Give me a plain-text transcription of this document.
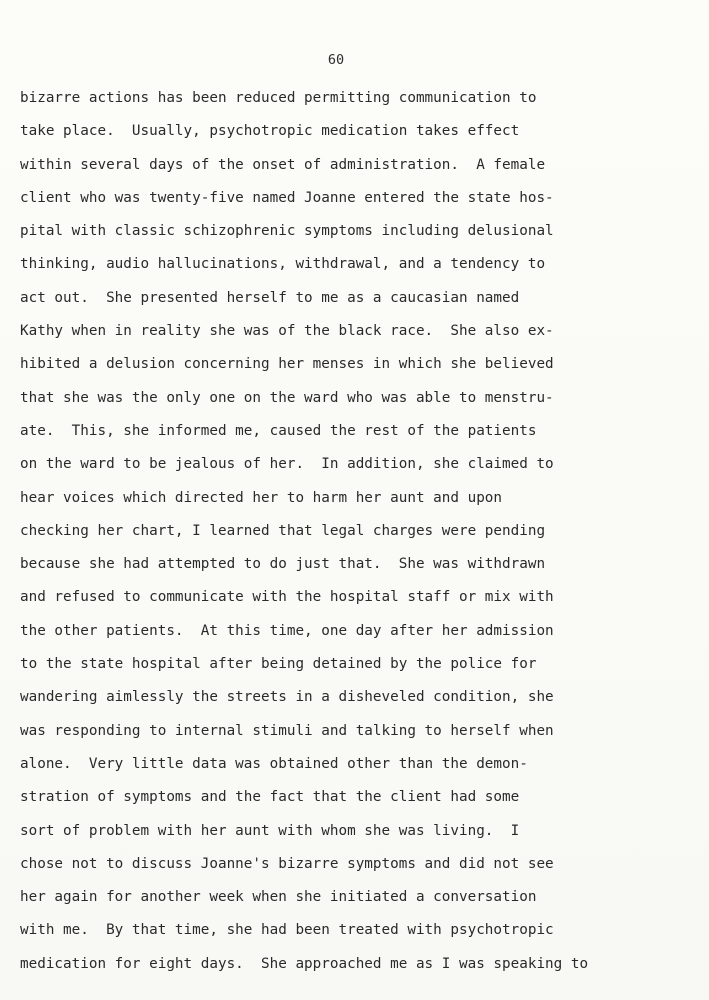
60
bizarre actions has been reduced permitting communication to
take place.  Usually, psychotropic medication takes effect
within several days of the onset of administration.  A female
client who was twenty-five named Joanne entered the state hos-
pital with classic schizophrenic symptoms including delusional
thinking, audio hallucinations, withdrawal, and a tendency to
act out.  She presented herself to me as a caucasian named
Kathy when in reality she was of the black race.  She also ex-
hibited a delusion concerning her menses in which she believed
that she was the only one on the ward who was able to menstru-
ate.  This, she informed me, caused the rest of the patients
on the ward to be jealous of her.  In addition, she claimed to
hear voices which directed her to harm her aunt and upon
checking her chart, I learned that legal charges were pending
because she had attempted to do just that.  She was withdrawn
and refused to communicate with the hospital staff or mix with
the other patients.  At this time, one day after her admission
to the state hospital after being detained by the police for
wandering aimlessly the streets in a disheveled condition, she
was responding to internal stimuli and talking to herself when
alone.  Very little data was obtained other than the demon-
stration of symptoms and the fact that the client had some
sort of problem with her aunt with whom she was living.  I
chose not to discuss Joanne's bizarre symptoms and did not see
her again for another week when she initiated a conversation
with me.  By that time, she had been treated with psychotropic
medication for eight days.  She approached me as I was speaking to
